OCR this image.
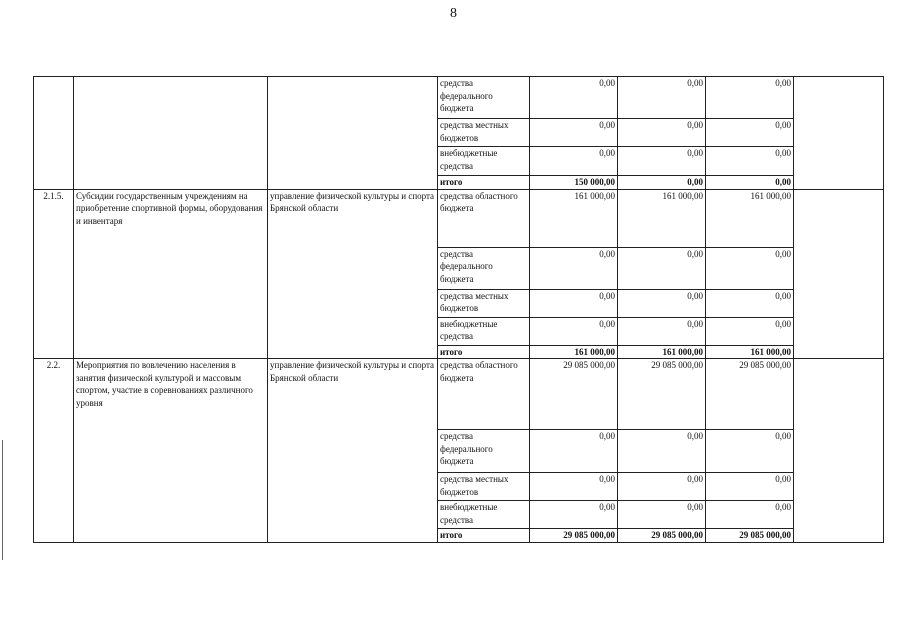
8
			средства федерального бюджета	0,00	0,00	0,00	
			средства местных бюджетов	0,00	0,00	0,00	
			внебюджетные средства	0,00	0,00	0,00	
			итого	150 000,00	0,00	0,00	
2.1.5.	Субсидии государственным учреждениям на приобретение спортивной формы, оборудования и инвентаря	управление физической культуры и спорта Брянской области	средства областного бюджета	161 000,00	161 000,00	161 000,00	
			средства федерального бюджета	0,00	0,00	0,00	
			средства местных бюджетов	0,00	0,00	0,00	
			внебюджетные средства	0,00	0,00	0,00	
			итого	161 000,00	161 000,00	161 000,00	
2.2.	Мероприятия по вовлечению населения в занятия физической культурой и массовым спортом, участие в соревнованиях различного уровня	управление физической культуры и спорта Брянской области	средства областного бюджета	29 085 000,00	29 085 000,00	29 085 000,00	
			средства федерального бюджета	0,00	0,00	0,00	
			средства местных бюджетов	0,00	0,00	0,00	
			внебюджетные средства	0,00	0,00	0,00	
			итого	29 085 000,00	29 085 000,00	29 085 000,00	
